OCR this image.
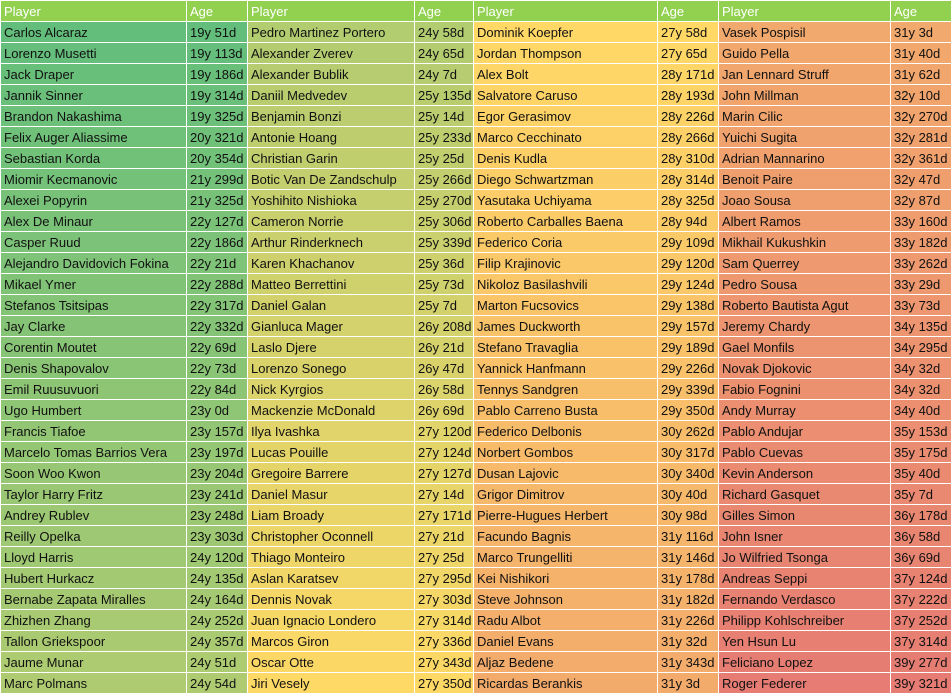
Player	Age	Player	Age	Player	Age	Player	Age
Carlos Alcaraz	19y 51d	Pedro Martinez Portero	24y 58d	Dominik Koepfer	27y 58d	Vasek Pospisil	31y 3d
Lorenzo Musetti	19y 113d	Alexander Zverev	24y 65d	Jordan Thompson	27y 65d	Guido Pella	31y 40d
Jack Draper	19y 186d	Alexander Bublik	24y 7d	Alex Bolt	28y 171d	Jan Lennard Struff	31y 62d
Jannik Sinner	19y 314d	Daniil Medvedev	25y 135d	Salvatore Caruso	28y 193d	John Millman	32y 10d
Brandon Nakashima	19y 325d	Benjamin Bonzi	25y 14d	Egor Gerasimov	28y 226d	Marin Cilic	32y 270d
Felix Auger Aliassime	20y 321d	Antonie Hoang	25y 233d	Marco Cecchinato	28y 266d	Yuichi Sugita	32y 281d
Sebastian Korda	20y 354d	Christian Garin	25y 25d	Denis Kudla	28y 310d	Adrian Mannarino	32y 361d
Miomir Kecmanovic	21y 299d	Botic Van De Zandschulp	25y 266d	Diego Schwartzman	28y 314d	Benoit Paire	32y 47d
Alexei Popyrin	21y 325d	Yoshihito Nishioka	25y 270d	Yasutaka Uchiyama	28y 325d	Joao Sousa	32y 87d
Alex De Minaur	22y 127d	Cameron Norrie	25y 306d	Roberto Carballes Baena	28y 94d	Albert Ramos	33y 160d
Casper Ruud	22y 186d	Arthur Rinderknech	25y 339d	Federico Coria	29y 109d	Mikhail Kukushkin	33y 182d
Alejandro Davidovich Fokina	22y 21d	Karen Khachanov	25y 36d	Filip Krajinovic	29y 120d	Sam Querrey	33y 262d
Mikael Ymer	22y 288d	Matteo Berrettini	25y 73d	Nikoloz Basilashvili	29y 124d	Pedro Sousa	33y 29d
Stefanos Tsitsipas	22y 317d	Daniel Galan	25y 7d	Marton Fucsovics	29y 138d	Roberto Bautista Agut	33y 73d
Jay Clarke	22y 332d	Gianluca Mager	26y 208d	James Duckworth	29y 157d	Jeremy Chardy	34y 135d
Corentin Moutet	22y 69d	Laslo Djere	26y 21d	Stefano Travaglia	29y 189d	Gael Monfils	34y 295d
Denis Shapovalov	22y 73d	Lorenzo Sonego	26y 47d	Yannick Hanfmann	29y 226d	Novak Djokovic	34y 32d
Emil Ruusuvuori	22y 84d	Nick Kyrgios	26y 58d	Tennys Sandgren	29y 339d	Fabio Fognini	34y 32d
Ugo Humbert	23y 0d	Mackenzie McDonald	26y 69d	Pablo Carreno Busta	29y 350d	Andy Murray	34y 40d
Francis Tiafoe	23y 157d	Ilya Ivashka	27y 120d	Federico Delbonis	30y 262d	Pablo Andujar	35y 153d
Marcelo Tomas Barrios Vera	23y 197d	Lucas Pouille	27y 124d	Norbert Gombos	30y 317d	Pablo Cuevas	35y 175d
Soon Woo Kwon	23y 204d	Gregoire Barrere	27y 127d	Dusan Lajovic	30y 340d	Kevin Anderson	35y 40d
Taylor Harry Fritz	23y 241d	Daniel Masur	27y 14d	Grigor Dimitrov	30y 40d	Richard Gasquet	35y 7d
Andrey Rublev	23y 248d	Liam Broady	27y 171d	Pierre-Hugues Herbert	30y 98d	Gilles Simon	36y 178d
Reilly Opelka	23y 303d	Christopher Oconnell	27y 21d	Facundo Bagnis	31y 116d	John Isner	36y 58d
Lloyd Harris	24y 120d	Thiago Monteiro	27y 25d	Marco Trungelliti	31y 146d	Jo Wilfried Tsonga	36y 69d
Hubert Hurkacz	24y 135d	Aslan Karatsev	27y 295d	Kei Nishikori	31y 178d	Andreas Seppi	37y 124d
Bernabe Zapata Miralles	24y 164d	Dennis Novak	27y 303d	Steve Johnson	31y 182d	Fernando Verdasco	37y 222d
Zhizhen Zhang	24y 252d	Juan Ignacio Londero	27y 314d	Radu Albot	31y 226d	Philipp Kohlschreiber	37y 252d
Tallon Griekspoor	24y 357d	Marcos Giron	27y 336d	Daniel Evans	31y 32d	Yen Hsun Lu	37y 314d
Jaume Munar	24y 51d	Oscar Otte	27y 343d	Aljaz Bedene	31y 343d	Feliciano Lopez	39y 277d
Marc Polmans	24y 54d	Jiri Vesely	27y 350d	Ricardas Berankis	31y 3d	Roger Federer	39y 321d
